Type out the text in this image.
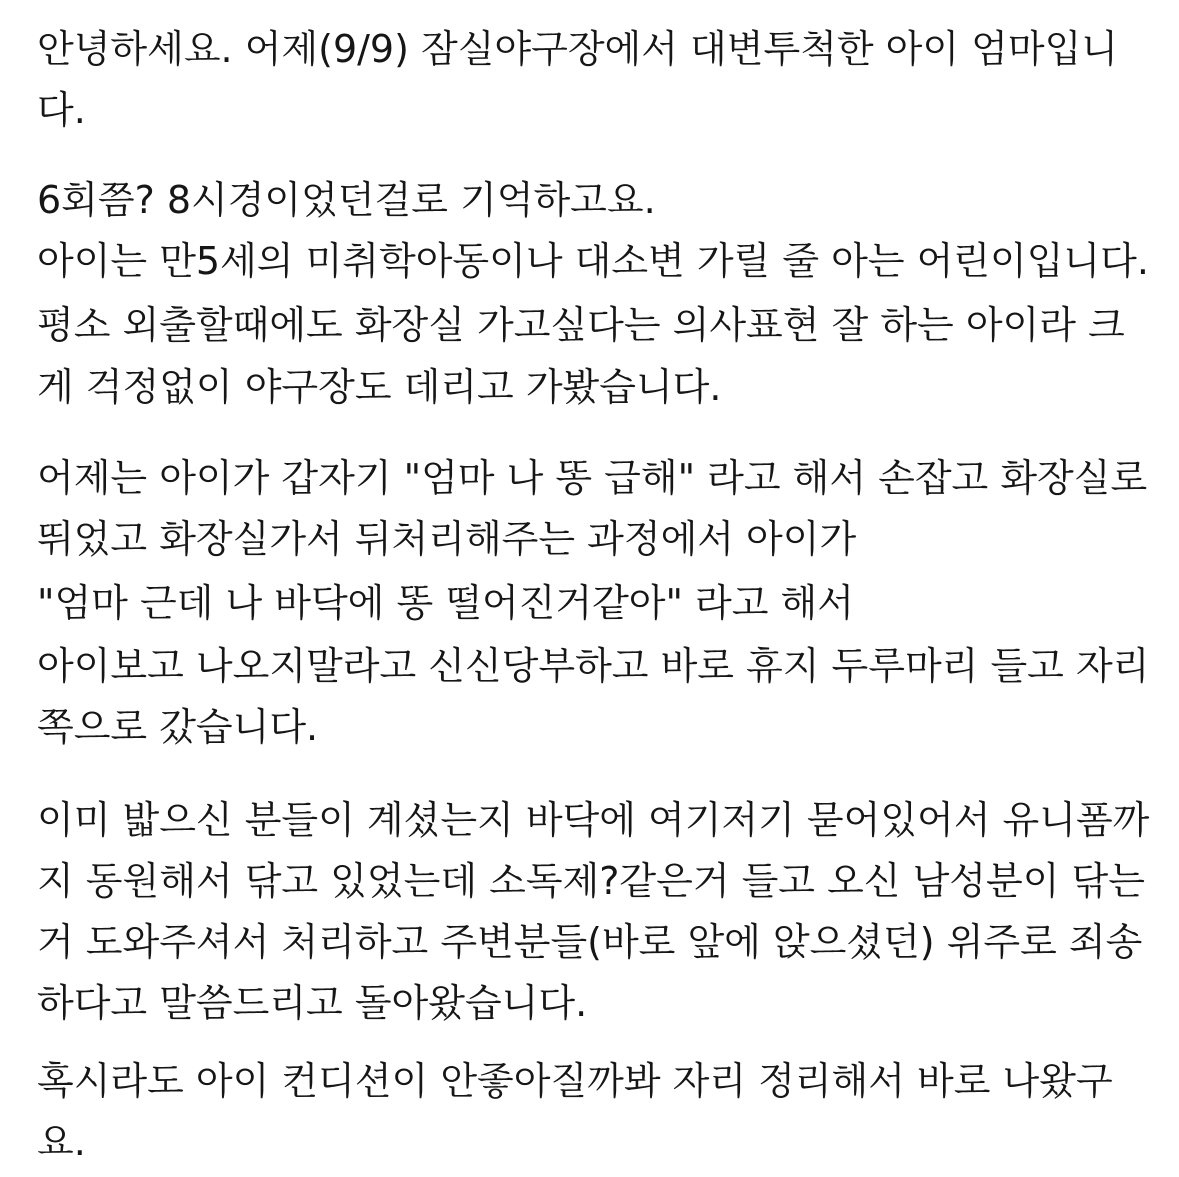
안녕하세요. 어제(9/9) 잠실야구장에서 대변투척한 아이 엄마입니
다.
6회쯤? 8시경이었던걸로 기억하고요.
아이는 만5세의 미취학아동이나 대소변 가릴 줄 아는 어린이입니다.
평소 외출할때에도 화장실 가고싶다는 의사표현 잘 하는 아이라 크
게 걱정없이 야구장도 데리고 가봤습니다.
어제는 아이가 갑자기 "엄마 나 똥 급해" 라고 해서 손잡고 화장실로
뛰었고 화장실가서 뒤처리해주는 과정에서 아이가
"엄마 근데 나 바닥에 똥 떨어진거같아" 라고 해서
아이보고 나오지말라고 신신당부하고 바로 휴지 두루마리 들고 자리
쪽으로 갔습니다.
이미 밟으신 분들이 계셨는지 바닥에 여기저기 묻어있어서 유니폼까
지 동원해서 닦고 있었는데 소독제?같은거 들고 오신 남성분이 닦는
거 도와주셔서 처리하고 주변분들(바로 앞에 앉으셨던) 위주로 죄송
하다고 말씀드리고 돌아왔습니다.
혹시라도 아이 컨디션이 안좋아질까봐 자리 정리해서 바로 나왔구
요.
